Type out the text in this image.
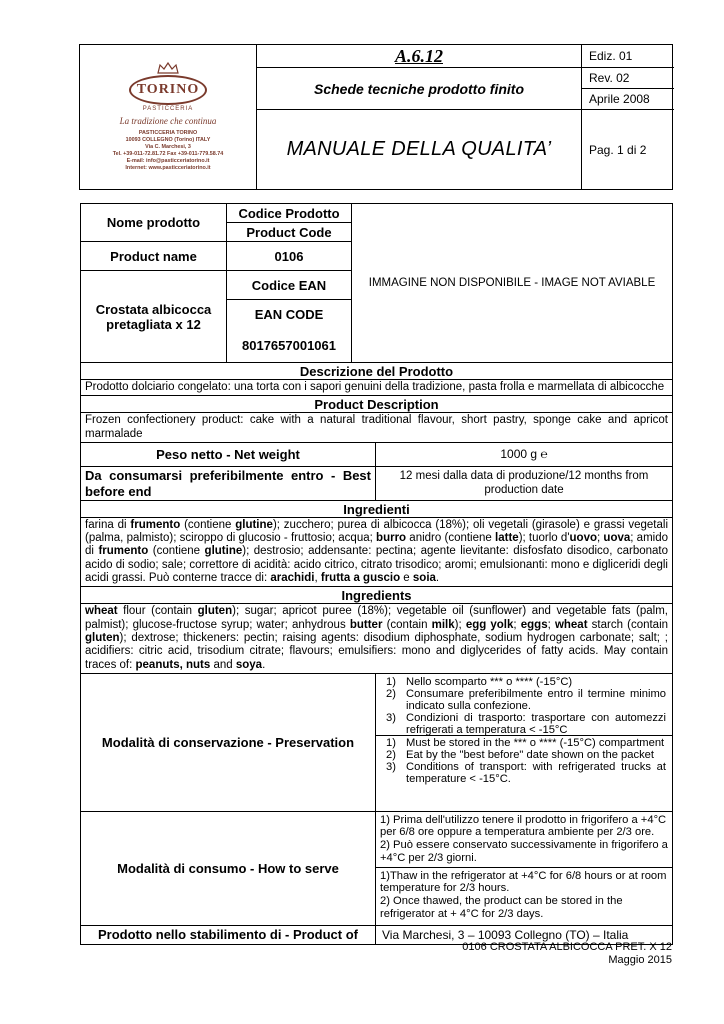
TORINO
PASTICCERIA
La tradizione che continua
PASTICCERIA TORINO
10093 COLLEGNO (Torino) ITALY
Via C. Marchesi, 3
Tel. +39-011-72.81.72 Fax +39-011-779.58.74
E-mail: info@pasticceriatorino.it
Internet: www.pasticceriatorino.it
A.6.12
Schede tecniche prodotto finito
MANUALE DELLA QUALITA’
Ediz. 01
Rev. 02
Aprile 2008
Pag. 1 di 2
Nome prodotto
Product name
Crostata albicocca pretagliata x 12
Codice Prodotto
Product Code
0106
Codice EAN
EAN CODE
8017657001061
IMMAGINE NON DISPONIBILE - IMAGE NOT AVIABLE
Descrizione del Prodotto
Prodotto dolciario congelato: una torta con i sapori genuini della tradizione, pasta frolla e marmellata di albicocche
Product Description
Frozen confectionery product: cake with a natural traditional flavour, short pastry, sponge cake and apricot marmalade
Peso netto - Net weight	1000 g ℮
Da consumarsi preferibilmente entro - Best before end
12 mesi dalla data di produzione/12 months from production date
Ingredienti
farina di frumento (contiene glutine); zucchero; purea di albicocca (18%); oli vegetali (girasole) e grassi vegetali (palma, palmisto); sciroppo di glucosio - fruttosio; acqua; burro anidro (contiene latte); tuorlo d'uovo; uova; amido di frumento (contiene glutine); destrosio; addensante: pectina; agente lievitante: disfosfato disodico, carbonato acido di sodio; sale; correttore di acidità: acido citrico, citrato trisodico; aromi; emulsionanti: mono e digliceridi degli acidi grassi. Può conterne tracce di: arachidi, frutta a guscio e soia.
Ingredients
wheat flour (contain gluten); sugar; apricot puree (18%); vegetable oil (sunflower) and vegetable fats (palm, palmist); glucose-fructose syrup; water; anhydrous butter (contain milk); egg yolk; eggs; wheat starch (contain gluten); dextrose; thickeners: pectin; raising agents: disodium diphosphate, sodium hydrogen carbonate; salt; ; acidifiers: citric acid, trisodium citrate; flavours; emulsifiers: mono and diglycerides of fatty acids. May contain traces of: peanuts, nuts and soya.
Modalità di conservazione - Preservation
1) Nello scomparto *** o **** (-15°C)
2) Consumare preferibilmente entro il termine minimo indicato sulla confezione.
3) Condizioni di trasporto: trasportare con automezzi refrigerati a temperatura < -15°C
1) Must be stored in the *** o **** (-15°C) compartment
2) Eat by the "best before" date shown on the packet
3) Conditions of transport: with refrigerated trucks at temperature < -15°C.
Modalità di consumo - How to serve
1) Prima dell'utilizzo tenere il prodotto in frigorifero a +4°C per 6/8 ore oppure a temperatura ambiente per 2/3 ore.
2) Può essere conservato successivamente in frigorifero a +4°C per 2/3 giorni.
1)Thaw in the refrigerator at +4°C for 6/8 hours or at room temperature for 2/3 hours.
2) Once thawed, the product can be stored in the refrigerator at + 4°C for 2/3 days.
Prodotto nello stabilimento di - Product of	Via Marchesi, 3 – 10093 Collegno (TO) – Italia
0106 CROSTATA ALBICOCCA PRET. X 12
Maggio 2015
